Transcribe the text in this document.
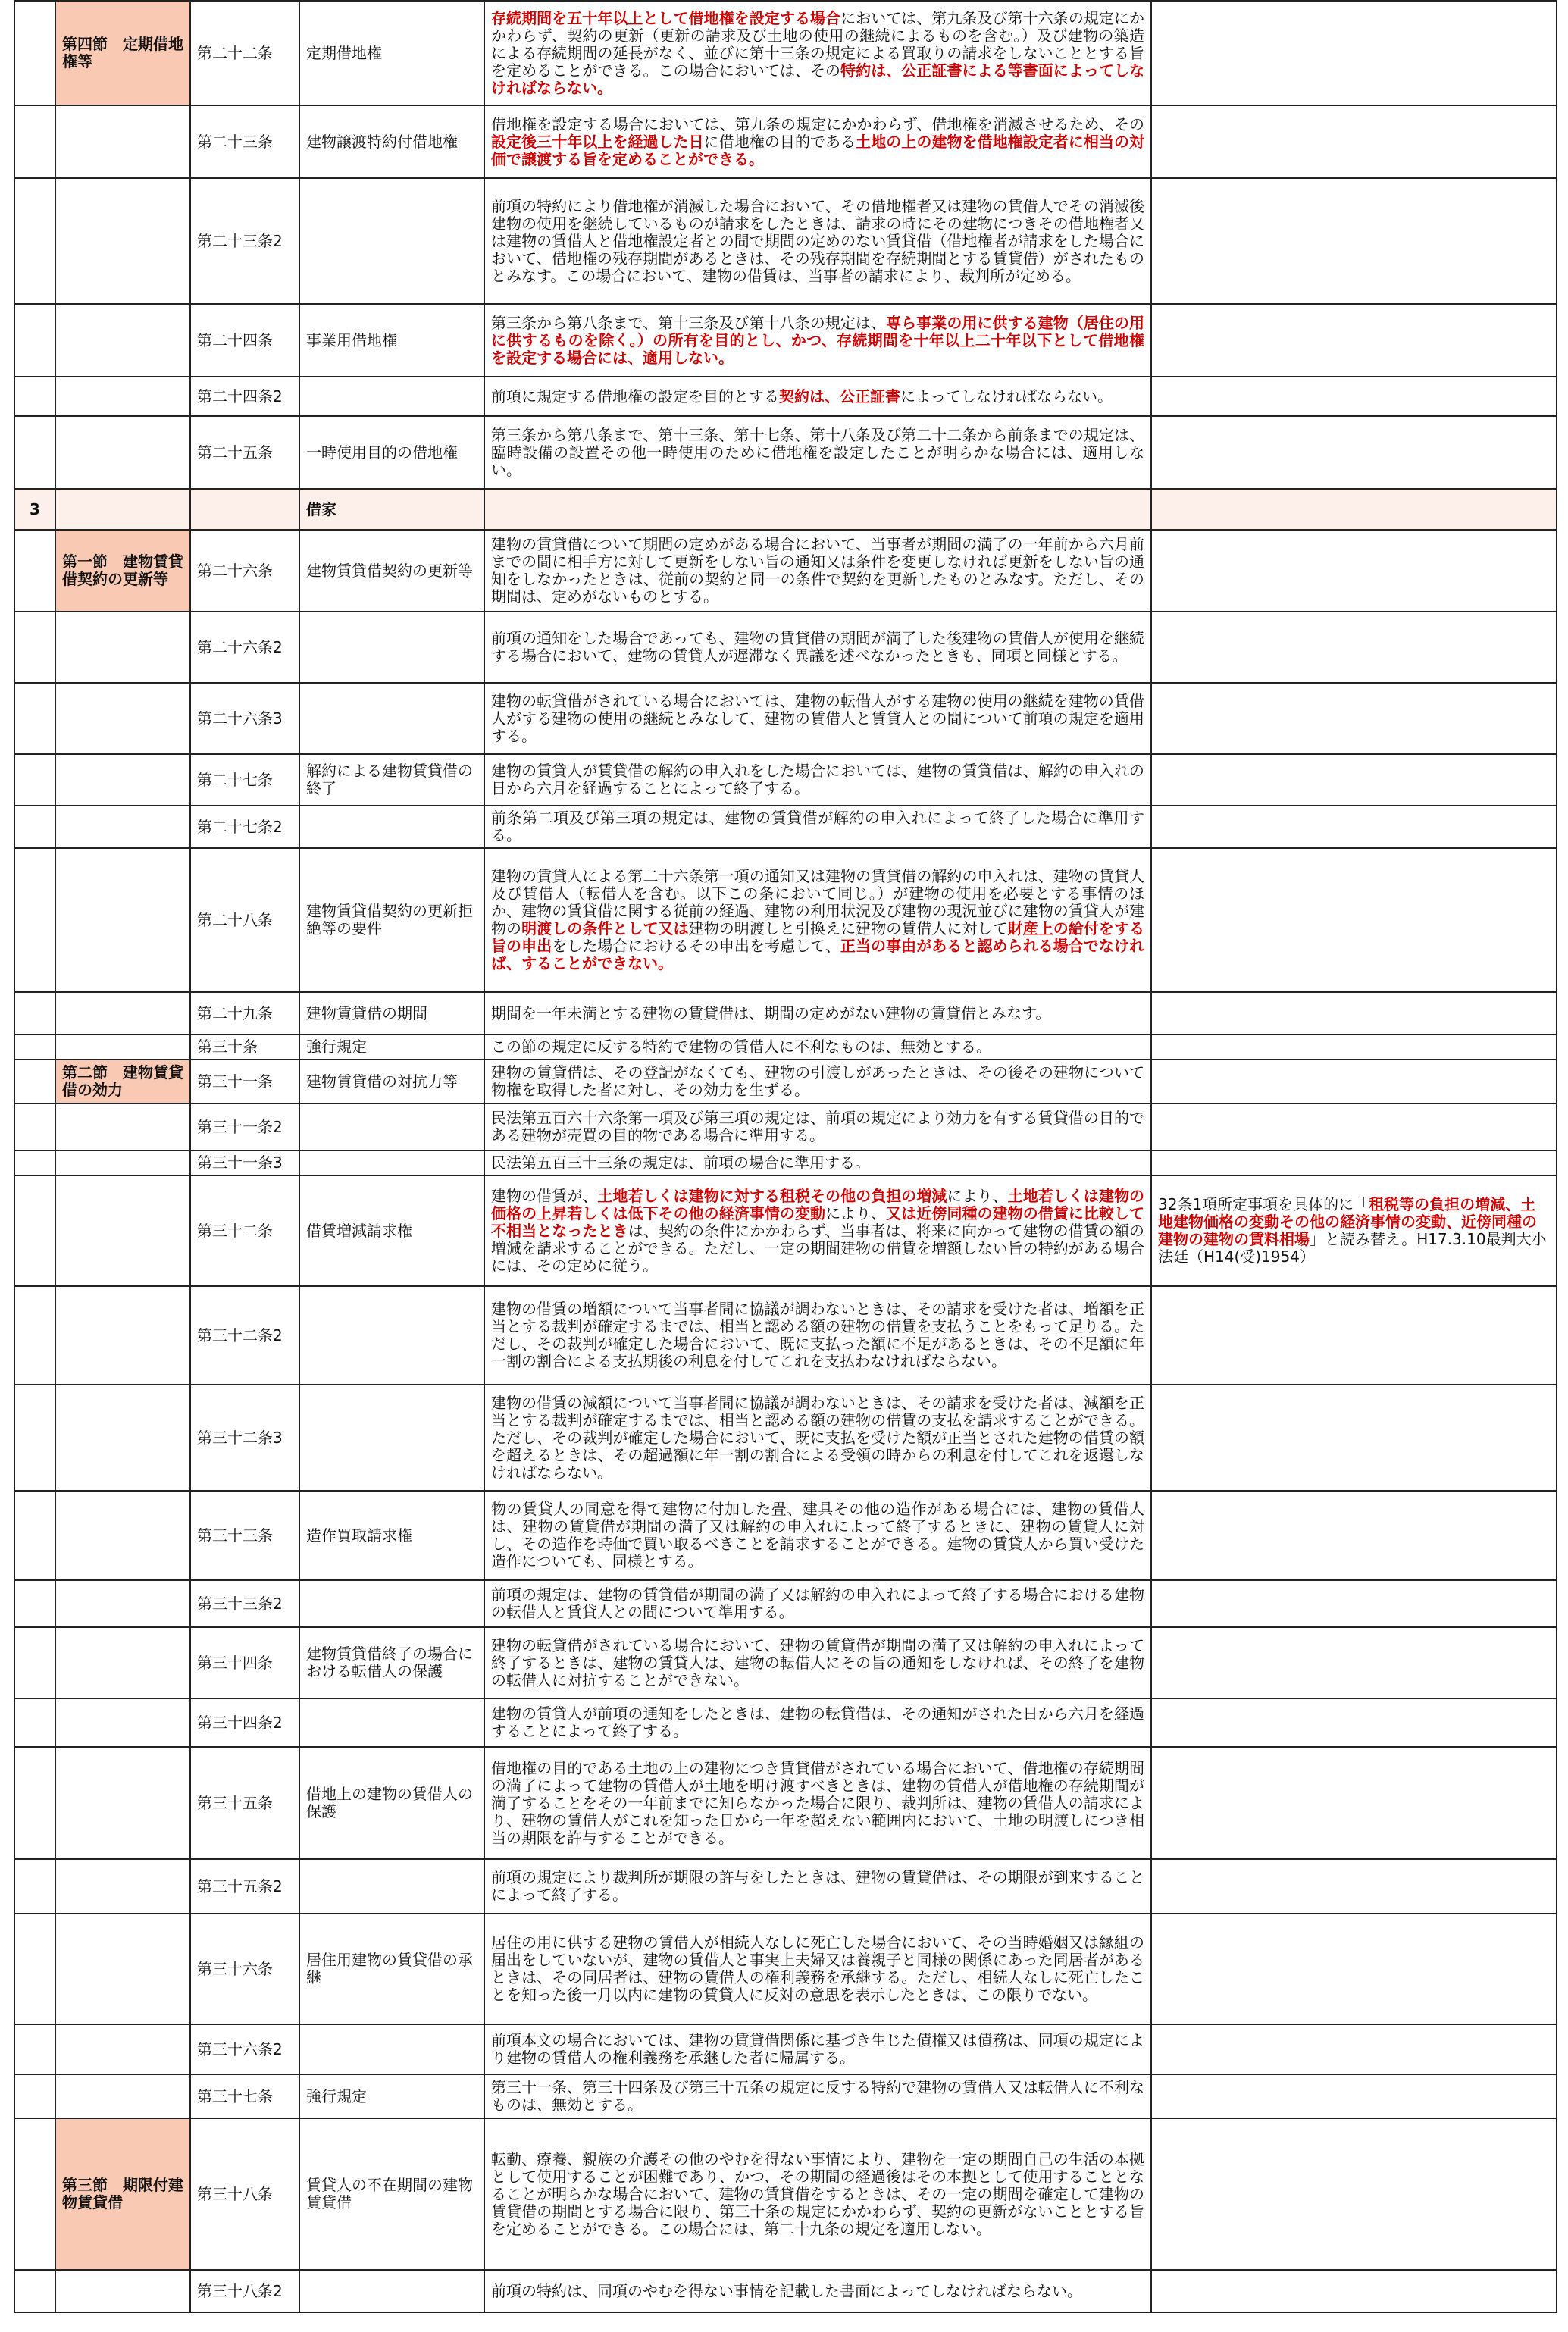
	第四節　定期借地権等	第二十二条	定期借地権	存続期間を五十年以上として借地権を設定する場合においては、第九条及び第十六条の規定にかかわらず、契約の更新（更新の請求及び土地の使用の継続によるものを含む。）及び建物の築造による存続期間の延長がなく、並びに第十三条の規定による買取りの請求をしないこととする旨を定めることができる。この場合においては、その特約は、公正証書による等書面によってしなければならない。	
		第二十三条	建物譲渡特約付借地権	借地権を設定する場合においては、第九条の規定にかかわらず、借地権を消滅させるため、その設定後三十年以上を経過した日に借地権の目的である土地の上の建物を借地権設定者に相当の対価で譲渡する旨を定めることができる。	
		第二十三条2		前項の特約により借地権が消滅した場合において、その借地権者又は建物の賃借人でその消滅後建物の使用を継続しているものが請求をしたときは、請求の時にその建物につきその借地権者又は建物の賃借人と借地権設定者との間で期間の定めのない賃貸借（借地権者が請求をした場合において、借地権の残存期間があるときは、その残存期間を存続期間とする賃貸借）がされたものとみなす。この場合において、建物の借賃は、当事者の請求により、裁判所が定める。	
		第二十四条	事業用借地権	第三条から第八条まで、第十三条及び第十八条の規定は、専ら事業の用に供する建物（居住の用に供するものを除く。）の所有を目的とし、かつ、存続期間を十年以上二十年以下として借地権を設定する場合には、適用しない。	
		第二十四条2		前項に規定する借地権の設定を目的とする契約は、公正証書によってしなければならない。	
		第二十五条	一時使用目的の借地権	第三条から第八条まで、第十三条、第十七条、第十八条及び第二十二条から前条までの規定は、臨時設備の設置その他一時使用のために借地権を設定したことが明らかな場合には、適用しない。	
3			借家		
	第一節　建物賃貸借契約の更新等	第二十六条	建物賃貸借契約の更新等	建物の賃貸借について期間の定めがある場合において、当事者が期間の満了の一年前から六月前までの間に相手方に対して更新をしない旨の通知又は条件を変更しなければ更新をしない旨の通知をしなかったときは、従前の契約と同一の条件で契約を更新したものとみなす。ただし、その期間は、定めがないものとする。	
		第二十六条2		前項の通知をした場合であっても、建物の賃貸借の期間が満了した後建物の賃借人が使用を継続する場合において、建物の賃貸人が遅滞なく異議を述べなかったときも、同項と同様とする。	
		第二十六条3		建物の転貸借がされている場合においては、建物の転借人がする建物の使用の継続を建物の賃借人がする建物の使用の継続とみなして、建物の賃借人と賃貸人との間について前項の規定を適用する。	
		第二十七条	解約による建物賃貸借の終了	建物の賃貸人が賃貸借の解約の申入れをした場合においては、建物の賃貸借は、解約の申入れの日から六月を経過することによって終了する。	
		第二十七条2		前条第二項及び第三項の規定は、建物の賃貸借が解約の申入れによって終了した場合に準用する。	
		第二十八条	建物賃貸借契約の更新拒絶等の要件	建物の賃貸人による第二十六条第一項の通知又は建物の賃貸借の解約の申入れは、建物の賃貸人及び賃借人（転借人を含む。以下この条において同じ。）が建物の使用を必要とする事情のほか、建物の賃貸借に関する従前の経過、建物の利用状況及び建物の現況並びに建物の賃貸人が建物の明渡しの条件として又は建物の明渡しと引換えに建物の賃借人に対して財産上の給付をする旨の申出をした場合におけるその申出を考慮して、正当の事由があると認められる場合でなければ、することができない。	
		第二十九条	建物賃貸借の期間	期間を一年未満とする建物の賃貸借は、期間の定めがない建物の賃貸借とみなす。	
		第三十条	強行規定	この節の規定に反する特約で建物の賃借人に不利なものは、無効とする。	
	第二節　建物賃貸借の効力	第三十一条	建物賃貸借の対抗力等	建物の賃貸借は、その登記がなくても、建物の引渡しがあったときは、その後その建物について物権を取得した者に対し、その効力を生ずる。	
		第三十一条2		民法第五百六十六条第一項及び第三項の規定は、前項の規定により効力を有する賃貸借の目的である建物が売買の目的物である場合に準用する。	
		第三十一条3		民法第五百三十三条の規定は、前項の場合に準用する。	
		第三十二条	借賃増減請求権	建物の借賃が、土地若しくは建物に対する租税その他の負担の増減により、土地若しくは建物の価格の上昇若しくは低下その他の経済事情の変動により、又は近傍同種の建物の借賃に比較して不相当となったときは、契約の条件にかかわらず、当事者は、将来に向かって建物の借賃の額の増減を請求することができる。ただし、一定の期間建物の借賃を増額しない旨の特約がある場合には、その定めに従う。	32条1項所定事項を具体的に「租税等の負担の増減、土地建物価格の変動その他の経済事情の変動、近傍同種の建物の建物の賃料相場」と読み替え。H17.3.10最判大小法廷（H14(受)1954）
		第三十二条2		建物の借賃の増額について当事者間に協議が調わないときは、その請求を受けた者は、増額を正当とする裁判が確定するまでは、相当と認める額の建物の借賃を支払うことをもって足りる。ただし、その裁判が確定した場合において、既に支払った額に不足があるときは、その不足額に年一割の割合による支払期後の利息を付してこれを支払わなければならない。	
		第三十二条3		建物の借賃の減額について当事者間に協議が調わないときは、その請求を受けた者は、減額を正当とする裁判が確定するまでは、相当と認める額の建物の借賃の支払を請求することができる。ただし、その裁判が確定した場合において、既に支払を受けた額が正当とされた建物の借賃の額を超えるときは、その超過額に年一割の割合による受領の時からの利息を付してこれを返還しなければならない。	
		第三十三条	造作買取請求権	物の賃貸人の同意を得て建物に付加した畳、建具その他の造作がある場合には、建物の賃借人は、建物の賃貸借が期間の満了又は解約の申入れによって終了するときに、建物の賃貸人に対し、その造作を時価で買い取るべきことを請求することができる。建物の賃貸人から買い受けた造作についても、同様とする。	
		第三十三条2		前項の規定は、建物の賃貸借が期間の満了又は解約の申入れによって終了する場合における建物の転借人と賃貸人との間について準用する。	
		第三十四条	建物賃貸借終了の場合における転借人の保護	建物の転貸借がされている場合において、建物の賃貸借が期間の満了又は解約の申入れによって終了するときは、建物の賃貸人は、建物の転借人にその旨の通知をしなければ、その終了を建物の転借人に対抗することができない。	
		第三十四条2		建物の賃貸人が前項の通知をしたときは、建物の転貸借は、その通知がされた日から六月を経過することによって終了する。	
		第三十五条	借地上の建物の賃借人の保護	借地権の目的である土地の上の建物につき賃貸借がされている場合において、借地権の存続期間の満了によって建物の賃借人が土地を明け渡すべきときは、建物の賃借人が借地権の存続期間が満了することをその一年前までに知らなかった場合に限り、裁判所は、建物の賃借人の請求により、建物の賃借人がこれを知った日から一年を超えない範囲内において、土地の明渡しにつき相当の期限を許与することができる。	
		第三十五条2		前項の規定により裁判所が期限の許与をしたときは、建物の賃貸借は、その期限が到来することによって終了する。	
		第三十六条	居住用建物の賃貸借の承継	居住の用に供する建物の賃借人が相続人なしに死亡した場合において、その当時婚姻又は縁組の届出をしていないが、建物の賃借人と事実上夫婦又は養親子と同様の関係にあった同居者があるときは、その同居者は、建物の賃借人の権利義務を承継する。ただし、相続人なしに死亡したことを知った後一月以内に建物の賃貸人に反対の意思を表示したときは、この限りでない。	
		第三十六条2		前項本文の場合においては、建物の賃貸借関係に基づき生じた債権又は債務は、同項の規定により建物の賃借人の権利義務を承継した者に帰属する。	
		第三十七条	強行規定	第三十一条、第三十四条及び第三十五条の規定に反する特約で建物の賃借人又は転借人に不利なものは、無効とする。	
	第三節　期限付建物賃貸借	第三十八条	賃貸人の不在期間の建物賃貸借	転勤、療養、親族の介護その他のやむを得ない事情により、建物を一定の期間自己の生活の本拠として使用することが困難であり、かつ、その期間の経過後はその本拠として使用することとなることが明らかな場合において、建物の賃貸借をするときは、その一定の期間を確定して建物の賃貸借の期間とする場合に限り、第三十条の規定にかかわらず、契約の更新がないこととする旨を定めることができる。この場合には、第二十九条の規定を適用しない。	
		第三十八条2		前項の特約は、同項のやむを得ない事情を記載した書面によってしなければならない。	
